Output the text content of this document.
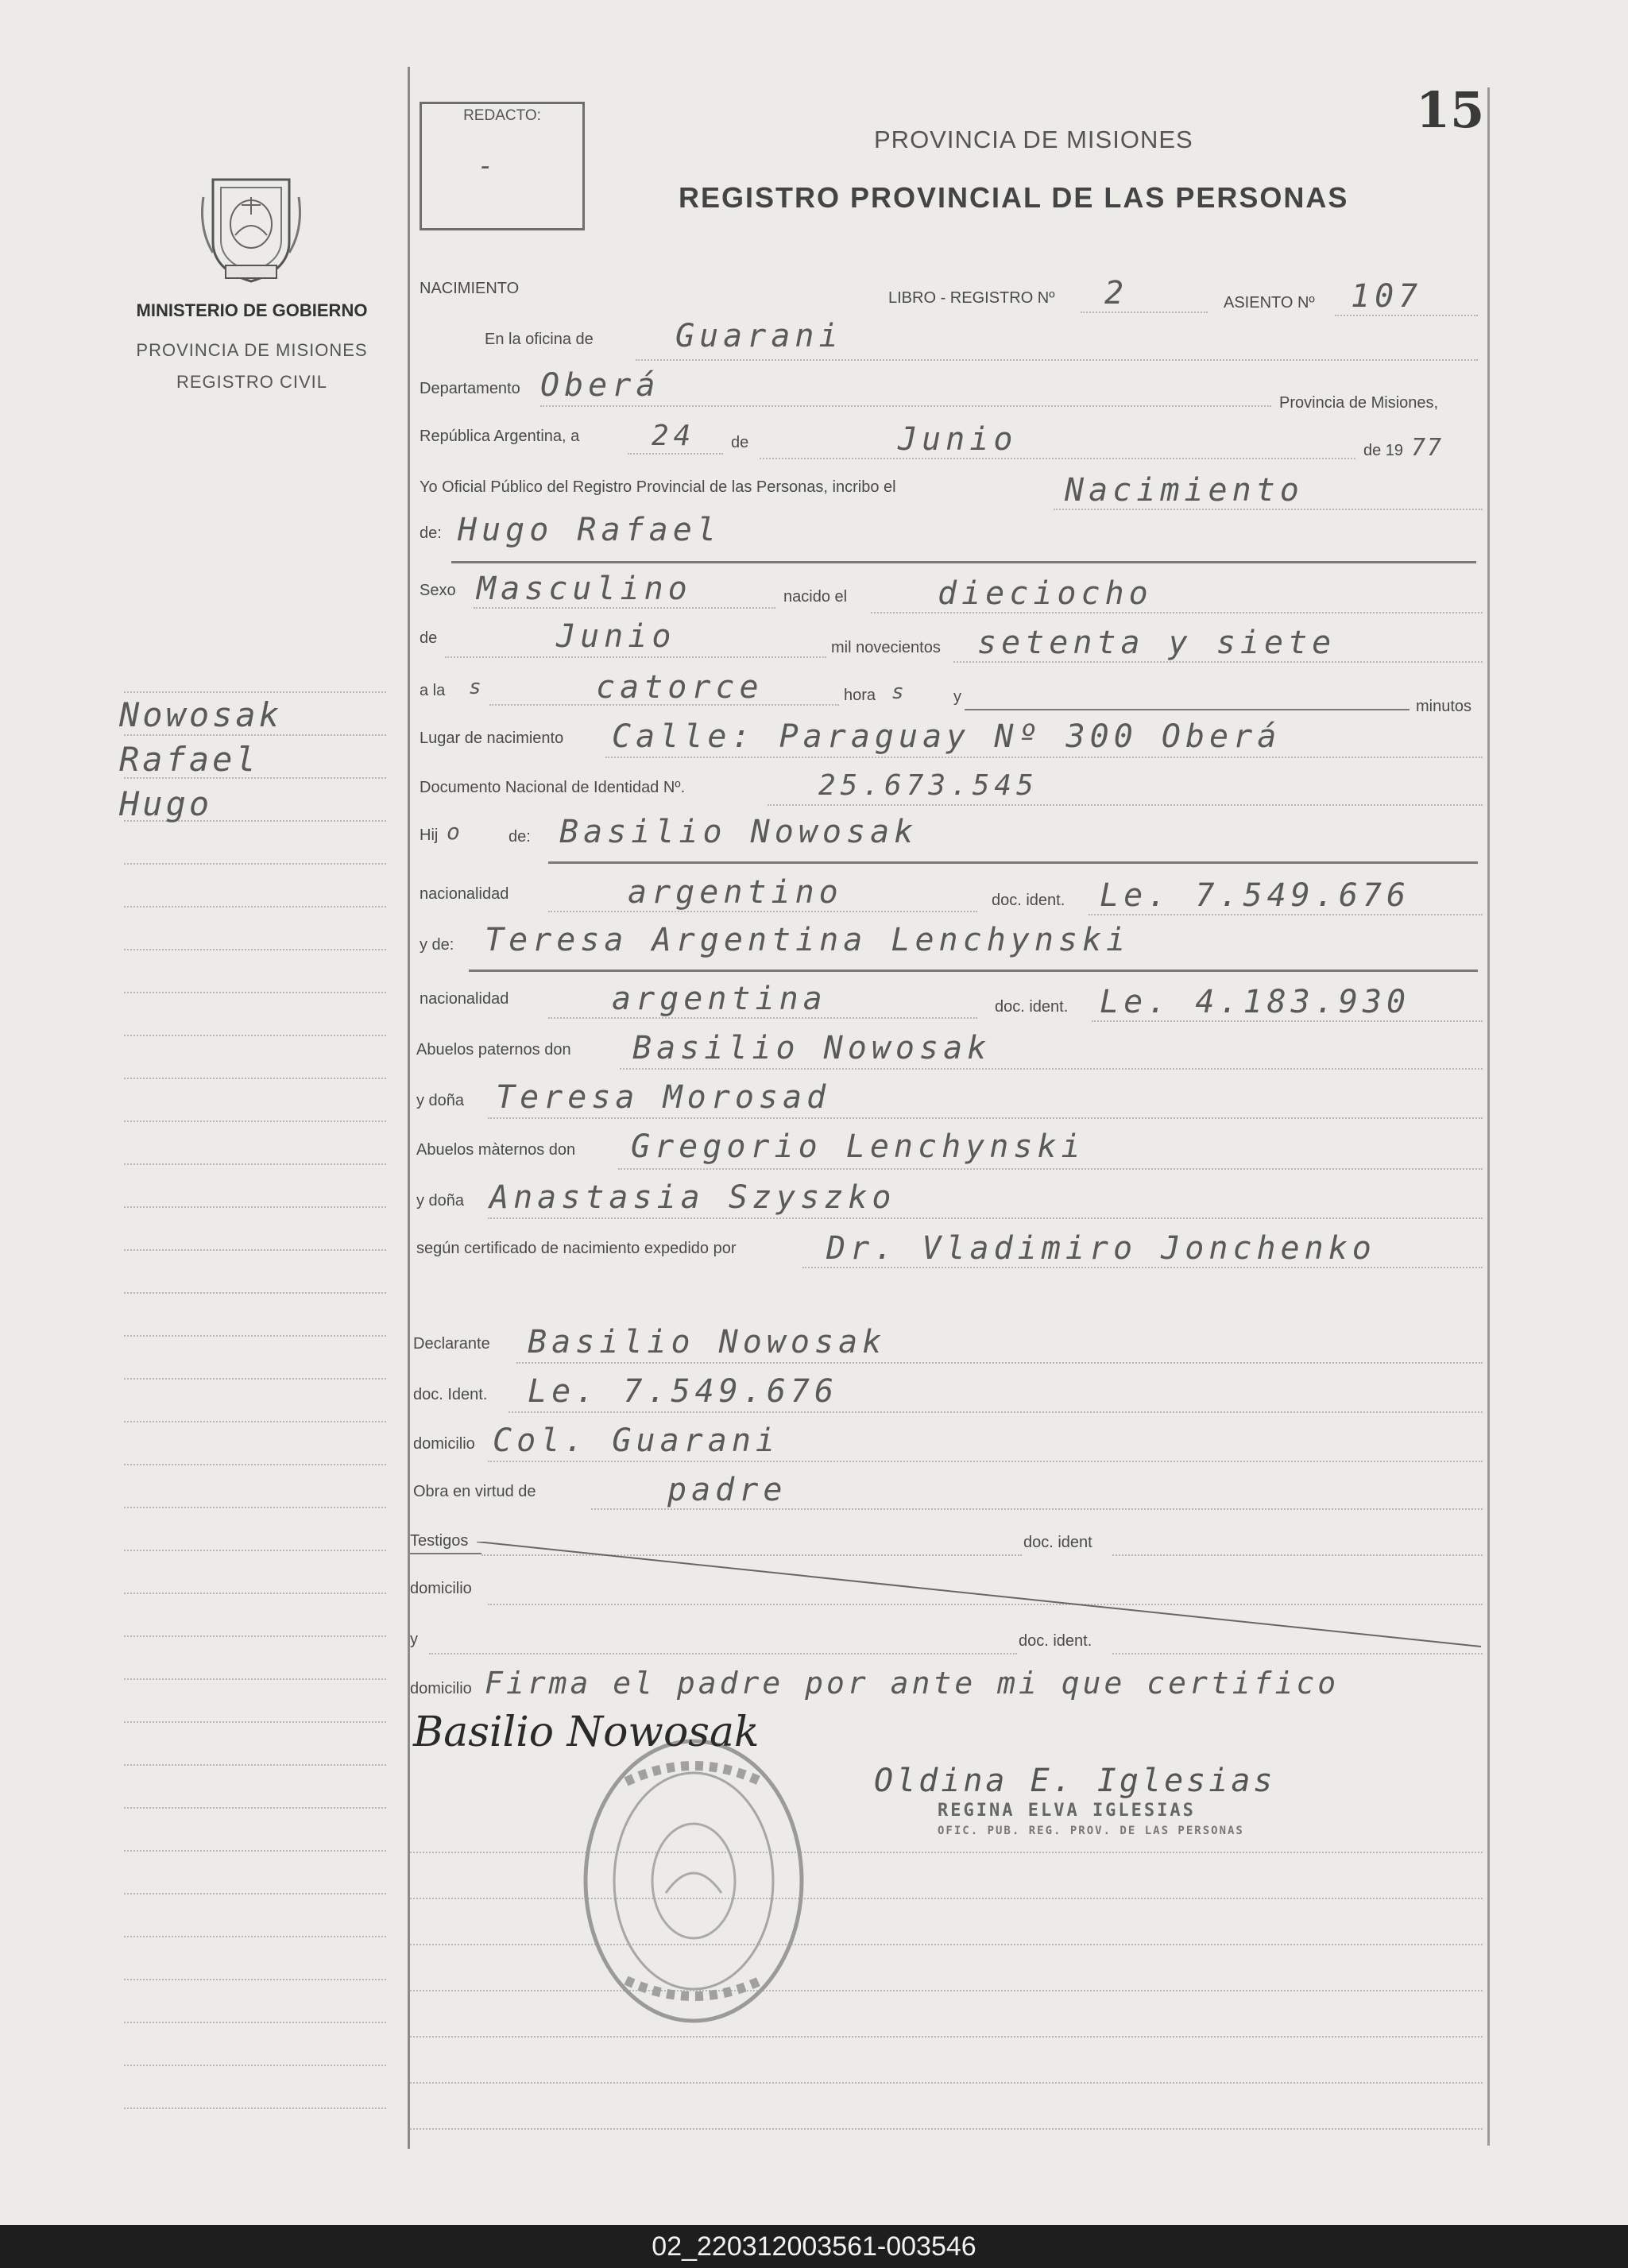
MINISTERIO DE GOBIERNO
PROVINCIA DE MISIONES
REGISTRO CIVIL
Nowosak
Rafael
Hugo
REDACTO:
-
15
PROVINCIA DE MISIONES
REGISTRO PROVINCIAL DE LAS PERSONAS
NACIMIENTO
LIBRO - REGISTRO Nº 2	ASIENTO Nº 107
En la oficina de	Guarani
Departamento Oberá	Provincia de Misiones,
República Argentina, a	24 de	Junio	de 19 77
Yo Oficial Público del Registro Provincial de las Personas, incribo el	Nacimiento
de: Hugo Rafael
Sexo Masculino	nacido el	dieciocho
de	Junio	mil novecientos setenta y siete
a la s	catorce	hora s	y
minutos
Lugar de nacimiento Calle: Paraguay Nº 300 Oberá
Documento Nacional de Identidad Nº.	25.673.545
Hij o	de: Basilio Nowosak
nacionalidad	argentino	doc. ident. Le. 7.549.676
y de: Teresa Argentina Lenchynski
nacionalidad	argentina	doc. ident. Le. 4.183.930
Abuelos paternos don Basilio Nowosak
y doña Teresa Morosad
Abuelos màternos don Gregorio Lenchynski
y doña Anastasia Szyszko
según certificado de nacimiento expedido por	Dr. Vladimiro Jonchenko
Declarante Basilio Nowosak
doc. Ident. Le. 7.549.676
domicilio Col. Guarani
Obra en virtud de	padre
Testigos	doc. ident
domicilio
y	doc. ident.
domicilio Firma el padre por ante mi que certifico
Basilio Nowosak
Oldina E. Iglesias
REGINA ELVA IGLESIAS
OFIC. PUB. REG. PROV. DE LAS PERSONAS
02_220312003561-003546
